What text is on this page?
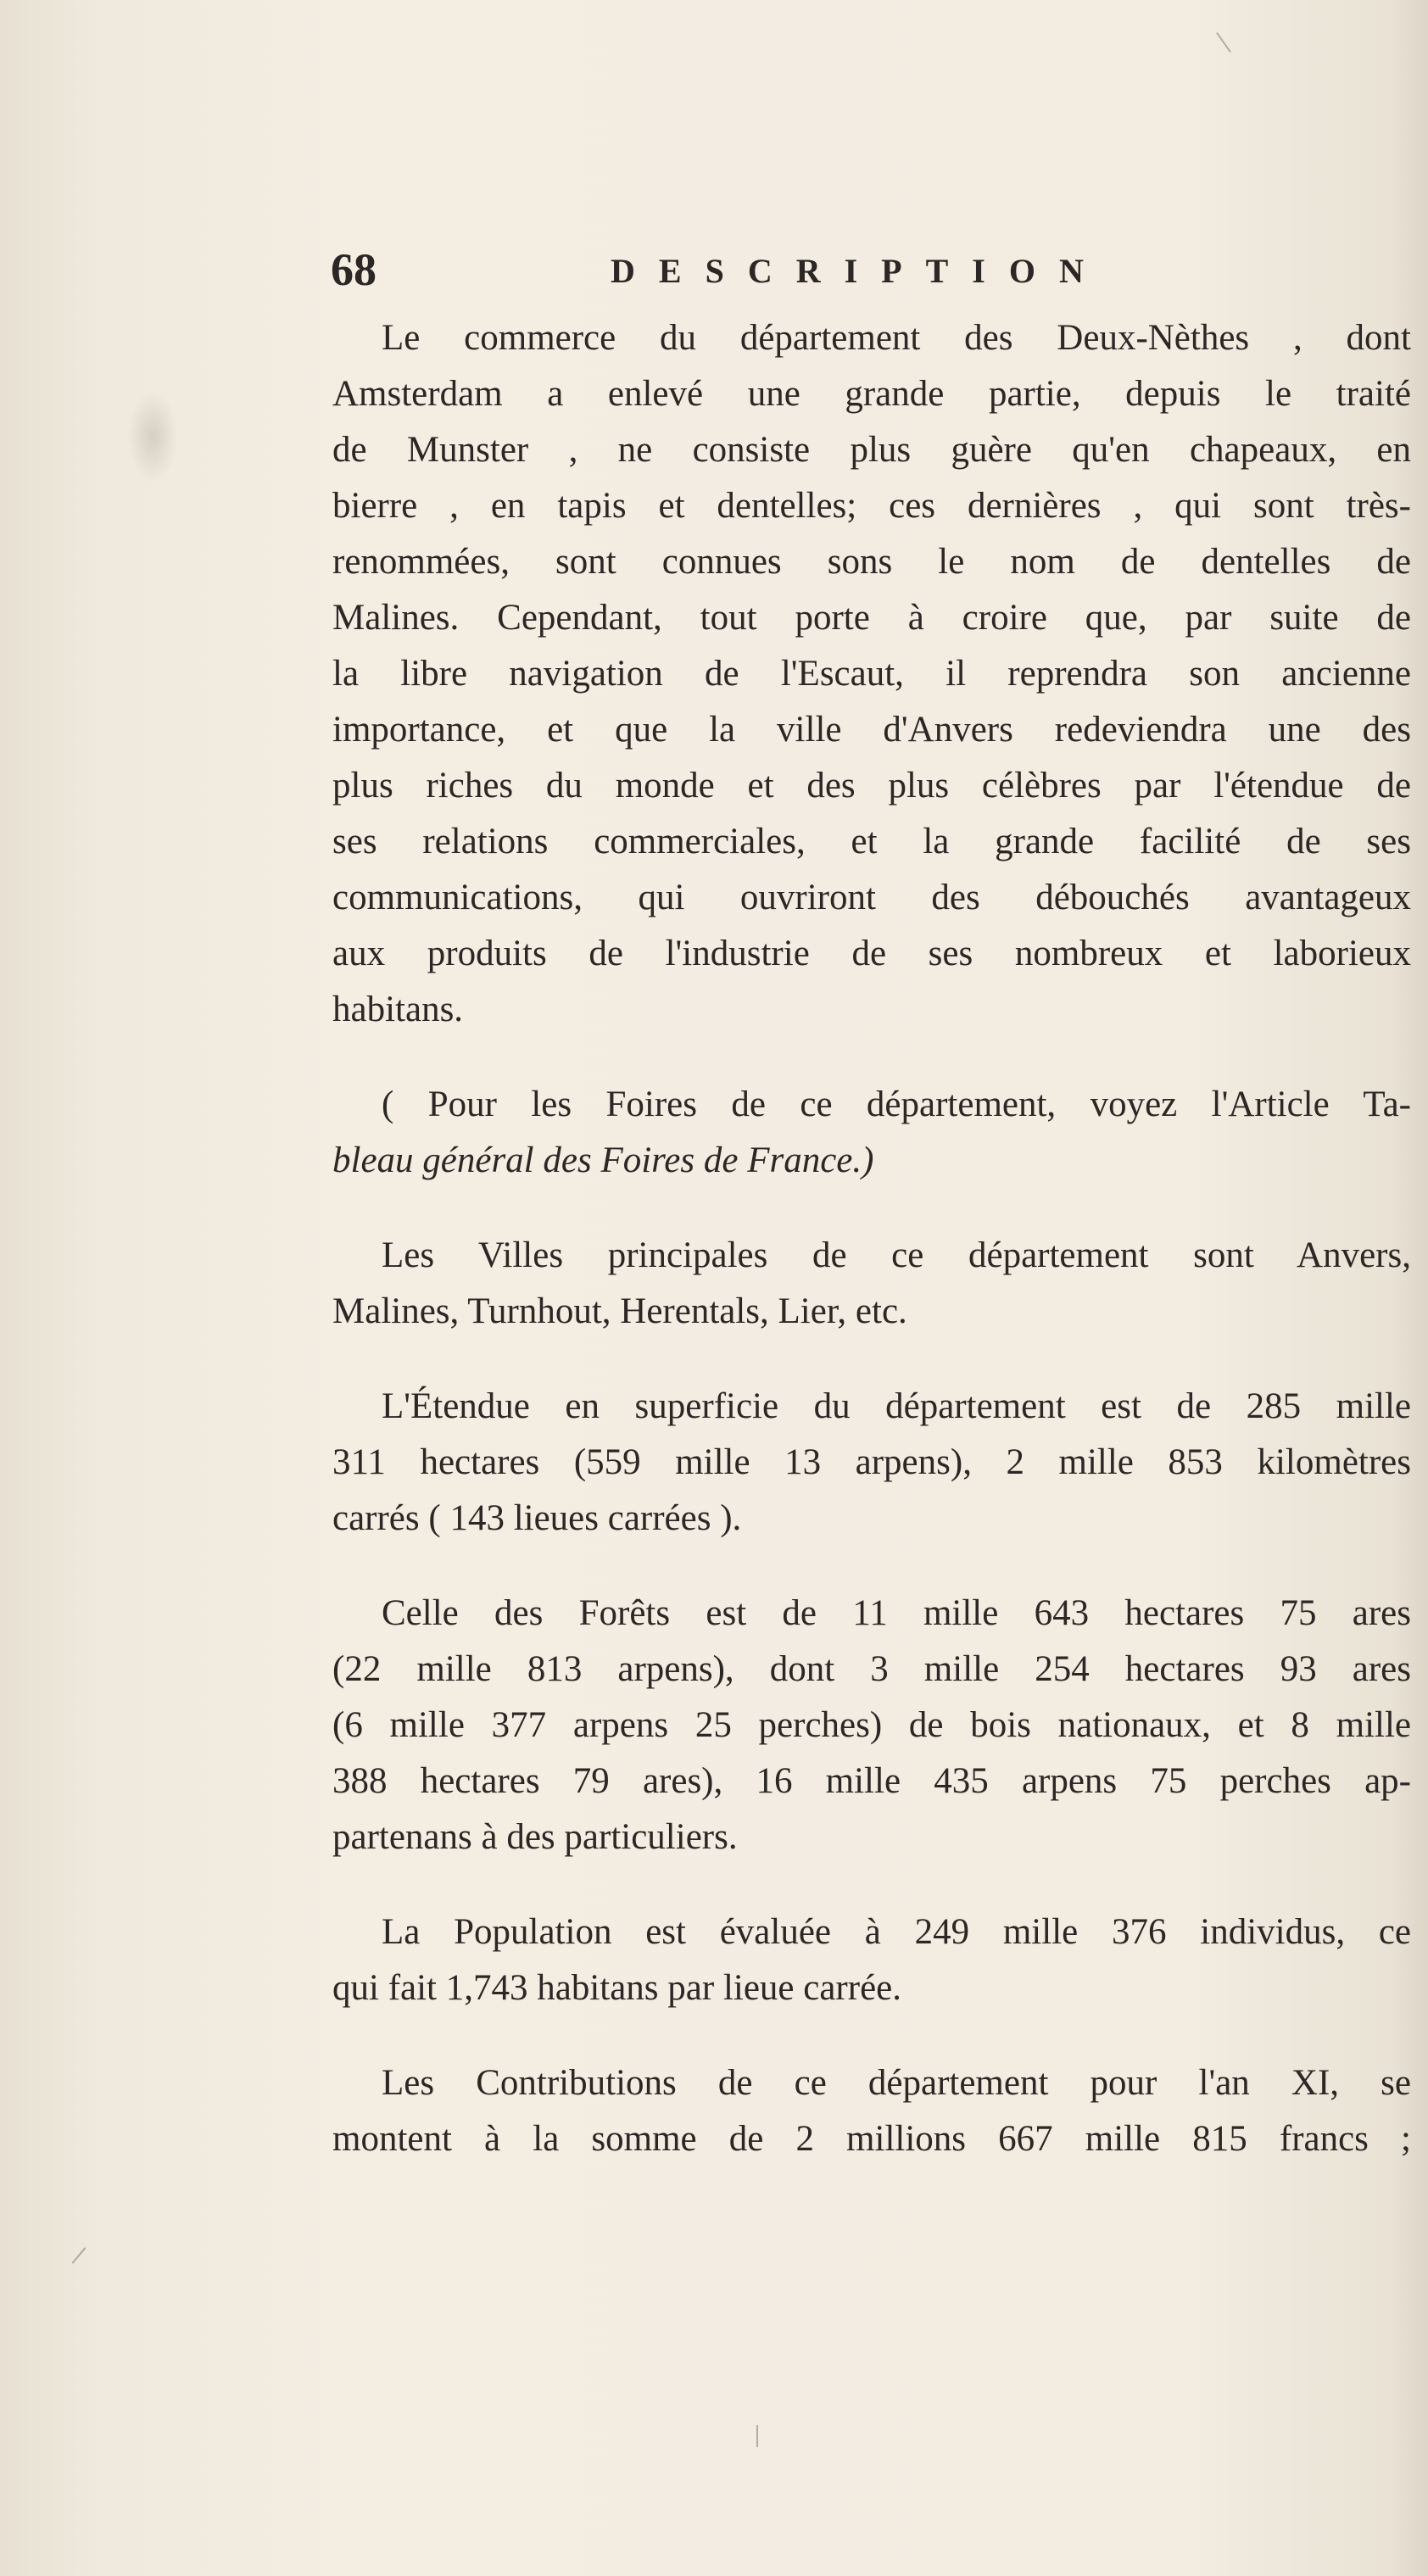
68	DESCRIPTION
Le commerce du département des Deux-Nèthes , dont
Amsterdam a enlevé une grande partie, depuis le traité
de Munster , ne consiste plus guère qu'en chapeaux, en
bierre , en tapis et dentelles; ces dernières , qui sont très-
renommées, sont connues sons le nom de dentelles de
Malines. Cependant, tout porte à croire que, par suite de
la libre navigation de l'Escaut, il reprendra son ancienne
importance, et que la ville d'Anvers redeviendra une des
plus riches du monde et des plus célèbres par l'étendue de
ses relations commerciales, et la grande facilité de ses
communications, qui ouvriront des débouchés avantageux
aux produits de l'industrie de ses nombreux et laborieux
habitans.
( Pour les Foires de ce département, voyez l'Article Ta-
bleau général des Foires de France.)
Les Villes principales de ce département sont Anvers,
Malines, Turnhout, Herentals, Lier, etc.
L'Étendue en superficie du département est de 285 mille
311 hectares (559 mille 13 arpens), 2 mille 853 kilomètres
carrés ( 143 lieues carrées ).
Celle des Forêts est de 11 mille 643 hectares 75 ares
(22 mille 813 arpens), dont 3 mille 254 hectares 93 ares
(6 mille 377 arpens 25 perches) de bois nationaux, et 8 mille
388 hectares 79 ares), 16 mille 435 arpens 75 perches ap-
partenans à des particuliers.
La Population est évaluée à 249 mille 376 individus, ce
qui fait 1,743 habitans par lieue carrée.
Les Contributions de ce département pour l'an XI, se
montent à la somme de 2 millions 667 mille 815 francs ;
